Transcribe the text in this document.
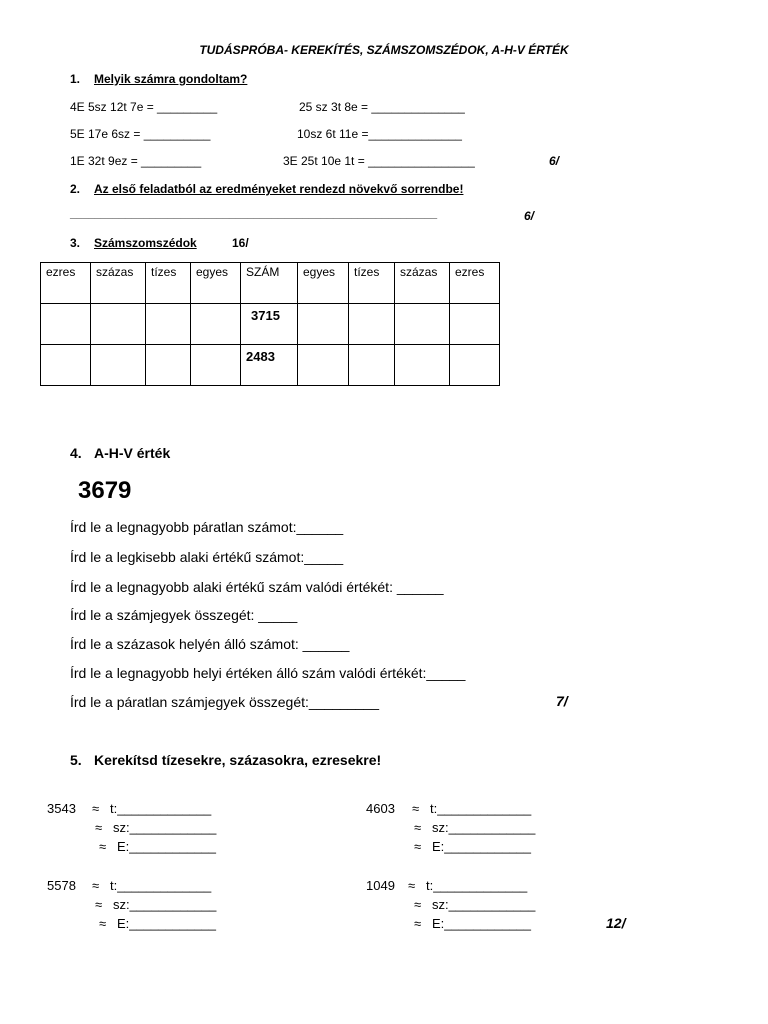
TUDÁSPRÓBA- KEREKÍTÉS, SZÁMSZOMSZÉDOK, A-H-V ÉRTÉK
1. Melyik számra gondoltam?
4E 5sz 12t 7e = _________	25 sz 3t 8e = ______________
5E 17e 6sz = __________	10sz 6t 11e =______________
1E 32t 9ez = _________	3E 25t 10e 1t = ________________	6/
2. Az első feladatból az eredményeket rendezd növekvő sorrendbe!
____________________________________________________________	6/
3. Számszomszédok	16/
ezres	százas	tízes	egyes	SZÁM	egyes	tízes	százas	ezres
				3715				
				2483				
4. A-H-V érték
3679
Írd le a legnagyobb páratlan számot:______
Írd le a legkisebb alaki értékű számot:_____
Írd le a legnagyobb alaki értékű szám valódi értékét: ______
Írd le a számjegyek összegét: _____
Írd le a százasok helyén álló számot: ______
Írd le a legnagyobb helyi értéken álló szám valódi értékét:_____
Írd le a páratlan számjegyek összegét:_________	7/
5. Kerekítsd tízesekre, százasokra, ezresekre!
3543 ≈   t:_____________
≈   sz:____________
≈   E:____________
4603 ≈   t:_____________
≈   sz:____________
≈   E:____________
5578 ≈   t:_____________
≈   sz:____________
≈   E:____________
1049 ≈   t:_____________
≈   sz:____________
≈   E:____________	12/
